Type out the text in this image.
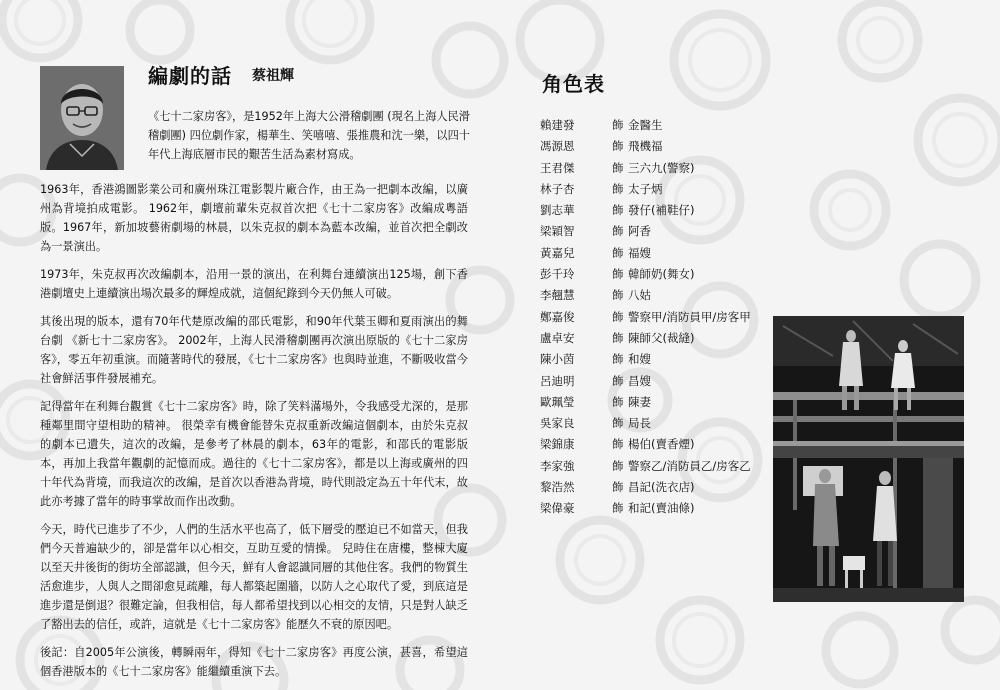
編劇的話 蔡祖輝

《七十二家房客》，是1952年上海大公滑稽劇團 (現名上海人民滑稽劇團) 四位劇作家，楊華生、笑嘻嘻、張推農和沈一樂，以四十年代上海底層市民的艱苦生活為素材寫成。

1963年，香港鴻圖影業公司和廣州珠江電影製片廠合作，由王為一把劇本改編，以廣州為背境拍成電影。 1962年，劇壇前輩朱克叔首次把《七十二家房客》改編成粵語版。1967年，新加坡藝術劇場的林晨，以朱克叔的劇本為藍本改編，並首次把全劇改為一景演出。

1973年，朱克叔再次改編劇本，沿用一景的演出，在利舞台連續演出125場，創下香港劇壇史上連續演出場次最多的輝煌成就，這個紀錄到今天仍無人可破。

其後出現的版本，還有70年代楚原改編的邵氏電影，和90年代葉玉卿和夏雨演出的舞台劇 《新七十二家房客》。 2002年，上海人民滑稽劇團再次演出原版的《七十二家房客》，零五年初重演。而隨著時代的發展，《七十二家房客》也與時並進，不斷吸收當今社會鮮活事件發展補充。

記得當年在利舞台觀賞《七十二家房客》時，除了笑料滿場外，令我感受尤深的，是那種鄰里間守望相助的精神。 很榮幸有機會能替朱克叔重新改編這個劇本，由於朱克叔的劇本已遺失，這次的改編，是參考了林晨的劇本，63年的電影，和邵氏的電影版本，再加上我當年觀劇的記憶而成。過往的《七十二家房客》，都是以上海或廣州的四十年代為背境，而我這次的改編，是首次以香港為背境，時代則設定為五十年代末，故此亦考據了當年的時事掌故而作出改動。

今天，時代已進步了不少，人們的生活水平也高了，低下層受的壓迫已不如當天，但我們今天普遍缺少的，卻是當年以心相交，互助互愛的情操。 兒時住在唐樓，整棟大廈以至天井後街的街坊全部認識，但今天，鮮有人會認識同層的其他住客。我們的物質生活愈進步，人與人之間卻愈見疏離，每人都築起圍牆，以防人之心取代了愛，到底這是進步還是倒退？很難定論，但我相信，每人都希望找到以心相交的友情，只是對人缺乏了豁出去的信任，或許，這就是《七十二家房客》能歷久不衰的原因吧。

後記：自2005年公演後，轉瞬兩年，得知《七十二家房客》再度公演，甚喜，希望這個香港版本的《七十二家房客》能繼續重演下去。

角色表
賴建發	飾 金醫生
馮源恩	飾 飛機福
王君傑	飾 三六九(警察)
林子杏	飾 太子炳
劉志華	飾 發仔(補鞋仔)
梁穎智	飾 阿香
黃嘉兒	飾 福嫂
彭千玲	飾 韓師奶(舞女)
李翹慧	飾 八姑
鄭嘉俊	飾 警察甲/消防員甲/房客甲
盧卓安	飾 陳師父(裁縫)
陳小茵	飾 和嫂
呂迪明	飾 昌嫂
歐珮瑩	飾 陳妻
吳家良	飾 局長
梁錦康	飾 楊伯(賣香煙)
李家強	飾 警察乙/消防員乙/房客乙
黎浩然	飾 昌記(洗衣店)
梁偉豪	飾 和記(賣油條)
